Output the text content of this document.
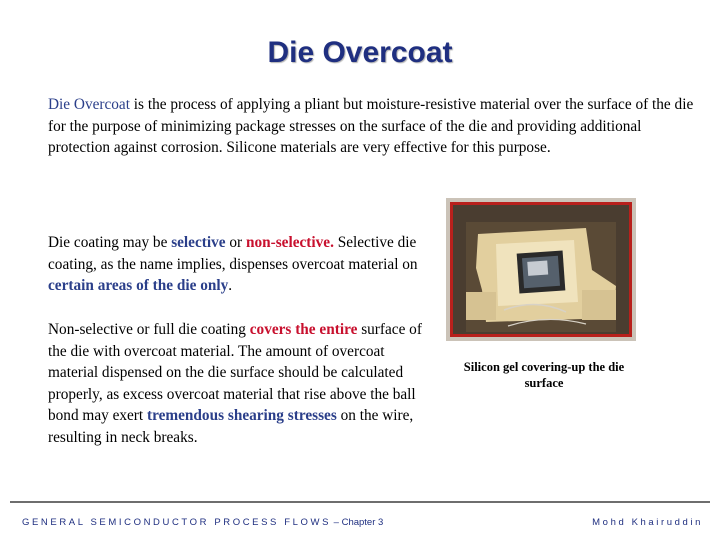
Die Overcoat

Die Overcoat is the process of applying a pliant but moisture-resistive material over the surface of the die for the purpose of minimizing package stresses on the surface of the die and providing additional protection against corrosion. Silicone materials are very effective for this purpose.

Die coating may be selective or non-selective. Selective die coating, as the name implies, dispenses overcoat material on certain areas of the die only.

Non-selective or full die coating covers the entire surface of the die with overcoat material. The amount of overcoat material dispensed on the die surface should be calculated properly, as excess overcoat material that rise above the ball bond may exert tremendous shearing stresses on the wire, resulting in neck breaks.

Silicon gel covering-up the die surface

GENERAL SEMICONDUCTOR PROCESS FLOWS – Chapter 3	Mohd Khairuddin
